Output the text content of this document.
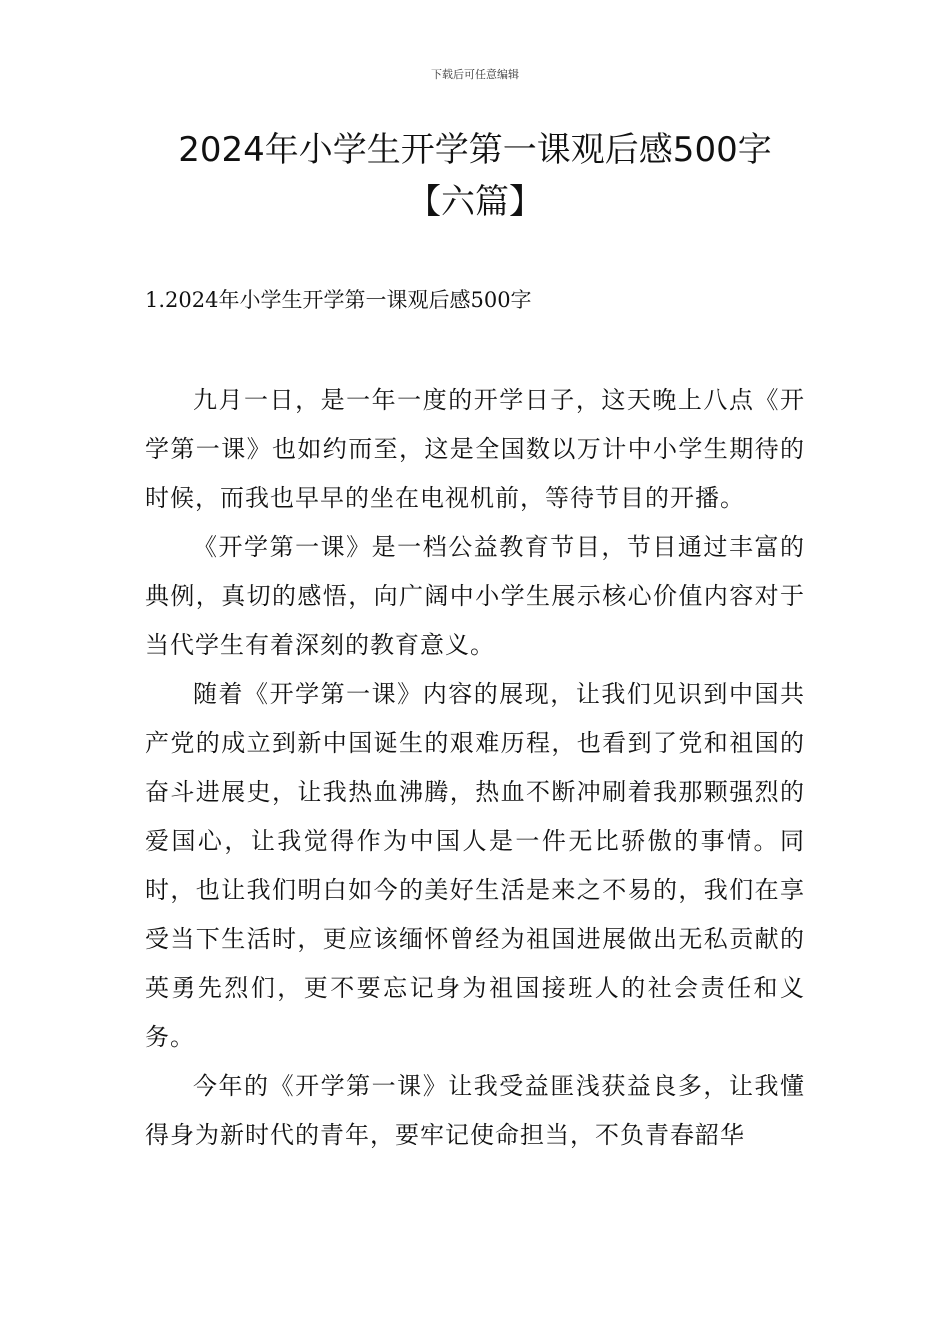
下载后可任意编辑
2024年小学生开学第一课观后感500字
【六篇】
1.2024年小学生开学第一课观后感500字

九月一日，是一年一度的开学日子，这天晚上八点《开学第一课》也如约而至，这是全国数以万计中小学生期待的时候，而我也早早的坐在电视机前，等待节目的开播。

《开学第一课》是一档公益教育节目，节目通过丰富的典例，真切的感悟，向广阔中小学生展示核心价值内容对于当代学生有着深刻的教育意义。

随着《开学第一课》内容的展现，让我们见识到中国共产党的成立到新中国诞生的艰难历程，也看到了党和祖国的奋斗进展史，让我热血沸腾，热血不断冲刷着我那颗强烈的爱国心，让我觉得作为中国人是一件无比骄傲的事情。同时，也让我们明白如今的美好生活是来之不易的，我们在享受当下生活时，更应该缅怀曾经为祖国进展做出无私贡献的英勇先烈们，更不要忘记身为祖国接班人的社会责任和义务。

今年的《开学第一课》让我受益匪浅获益良多，让我懂得身为新时代的青年，要牢记使命担当，不负青春韶华
